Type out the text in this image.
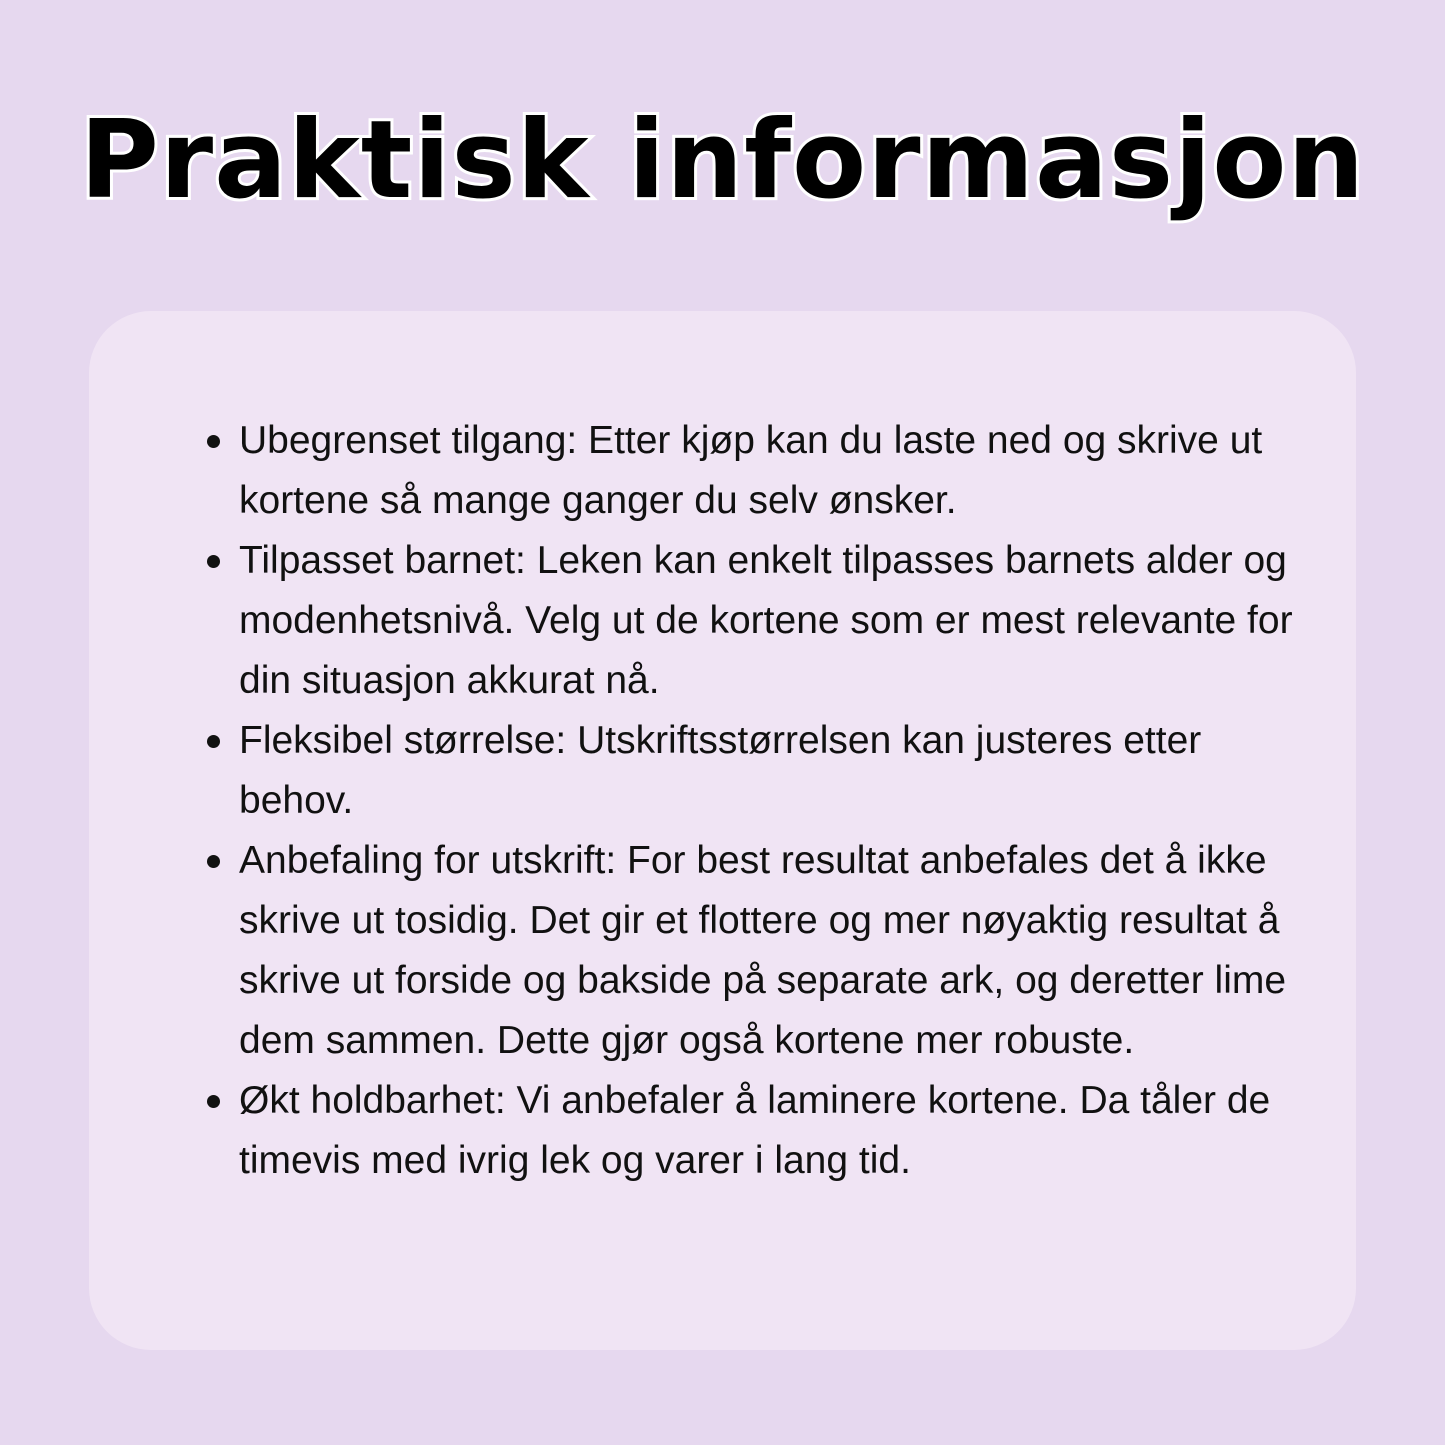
Praktisk informasjon
Ubegrenset tilgang: Etter kjøp kan du laste ned og skrive ut kortene så mange ganger du selv ønsker.
Tilpasset barnet: Leken kan enkelt tilpasses barnets alder og modenhetsnivå. Velg ut de kortene som er mest relevante for din situasjon akkurat nå.
Fleksibel størrelse: Utskriftsstørrelsen kan justeres etter behov.
Anbefaling for utskrift: For best resultat anbefales det å ikke skrive ut tosidig. Det gir et flottere og mer nøyaktig resultat å skrive ut forside og bakside på separate ark, og deretter lime dem sammen. Dette gjør også kortene mer robuste.
Økt holdbarhet: Vi anbefaler å laminere kortene. Da tåler de timevis med ivrig lek og varer i lang tid.
